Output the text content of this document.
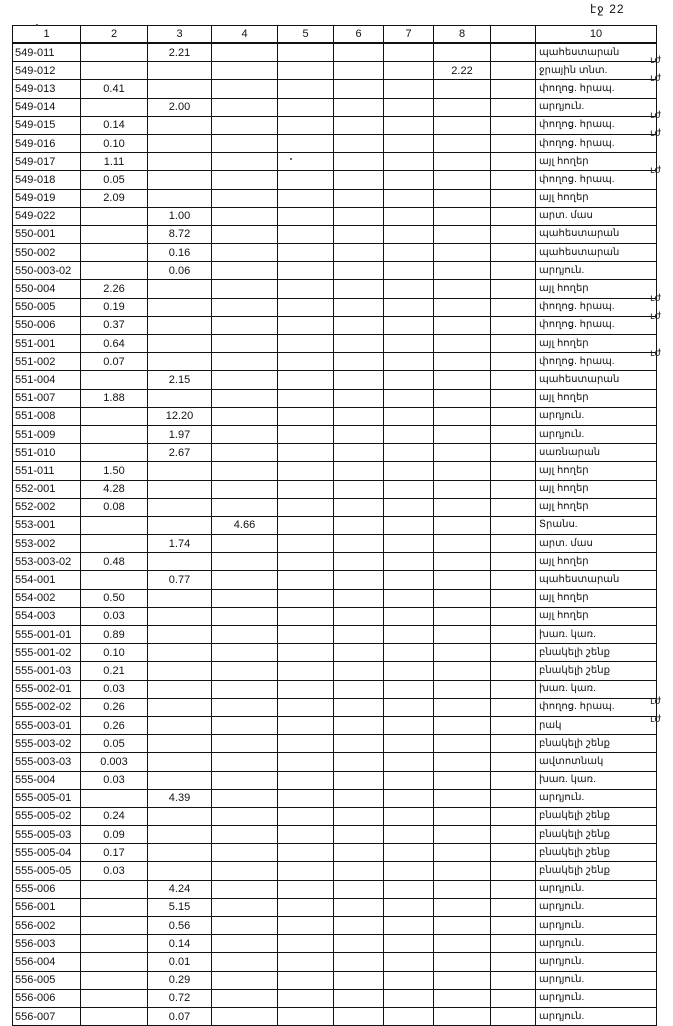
էջ 22
1	2	3	4	5	6	7	8		10
549-011		2.21							պահեստարան
549-012							2.22		ջրային տնտ.
549-013	0.41								փողոց. հրապ.
549-014		2.00							արդյուն.
549-015	0.14								փողոց. հրապ.
549-016	0.10								փողոց. հրապ.
549-017	1.11								այլ հողեր
549-018	0.05								փողոց. հրապ.
549-019	2.09								այլ հողեր
549-022		1.00							արտ. մաս
550-001		8.72							պահեստարան
550-002		0.16							պահեստարան
550-003-02		0.06							արդյուն.
550-004	2.26								այլ հողեր
550-005	0.19								փողոց. հրապ.
550-006	0.37								փողոց. հրապ.
551-001	0.64								այլ հողեր
551-002	0.07								փողոց. հրապ.
551-004		2.15							պահեստարան
551-007	1.88								այլ հողեր
551-008		12.20							արդյուն.
551-009		1.97							արդյուն.
551-010		2.67							սառնարան
551-011	1.50								այլ հողեր
552-001	4.28								այլ հողեր
552-002	0.08								այլ հողեր
553-001			4.66						Տրանս.
553-002		1.74							արտ. մաս
553-003-02	0.48								այլ հողեր
554-001		0.77							պահեստարան
554-002	0.50								այլ հողեր
554-003	0.03								այլ հողեր
555-001-01	0.89								խառ. կառ.
555-001-02	0.10								բնակելի շենք
555-001-03	0.21								բնակելի շենք
555-002-01	0.03								խառ. կառ.
555-002-02	0.26								փողոց. հրապ.
555-003-01	0.26								րակ
555-003-02	0.05								բնակելի շենք
555-003-03	0.003								ավտոտնակ
555-004	0.03								խառ. կառ.
555-005-01		4.39							արդյուն.
555-005-02	0.24								բնակելի շենք
555-005-03	0.09								բնակելի շենք
555-005-04	0.17								բնակելի շենք
555-005-05	0.03								բնակելի շենք
555-006		4.24							արդյուն.
556-001		5.15							արդյուն.
556-002		0.56							արդյուն.
556-003		0.14							արդյուն.
556-004		0.01							արդյուն.
556-005		0.29							արդյուն.
556-006		0.72							արդյուն.
556-007		0.07							արդյուն.
ւժ
ւժ
ւժ
ւժ
ւժ
ւժ
ւժ
ւժ
ւժ
ւժ
